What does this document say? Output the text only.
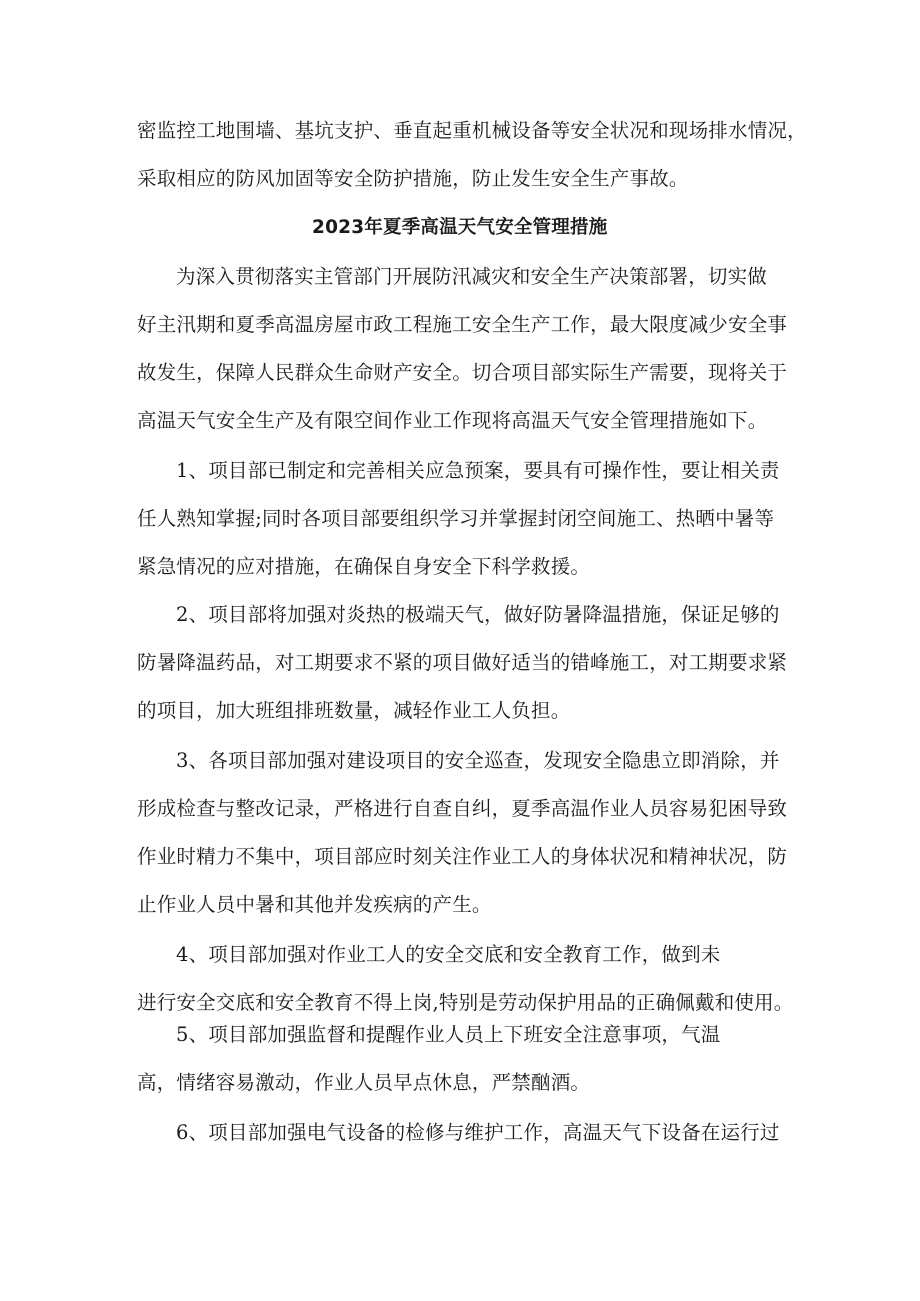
密监控工地围墙、基坑支护、垂直起重机械设备等安全状况和现场排水情况，
采取相应的防风加固等安全防护措施，防止发生安全生产事故。
2023年夏季高温天气安全管理措施
为深入贯彻落实主管部门开展防汛减灾和安全生产决策部署，切实做
好主汛期和夏季高温房屋市政工程施工安全生产工作，最大限度减少安全事
故发生，保障人民群众生命财产安全。切合项目部实际生产需要，现将关于
高温天气安全生产及有限空间作业工作现将高温天气安全管理措施如下。
1、项目部已制定和完善相关应急预案，要具有可操作性，要让相关责
任人熟知掌握;同时各项目部要组织学习并掌握封闭空间施工、热晒中暑等
紧急情况的应对措施，在确保自身安全下科学救援。
2、项目部将加强对炎热的极端天气，做好防暑降温措施，保证足够的
防暑降温药品，对工期要求不紧的项目做好适当的错峰施工，对工期要求紧
的项目，加大班组排班数量，减轻作业工人负担。
3、各项目部加强对建设项目的安全巡查，发现安全隐患立即消除，并
形成检查与整改记录，严格进行自查自纠，夏季高温作业人员容易犯困导致
作业时精力不集中，项目部应时刻关注作业工人的身体状况和精神状况，防
止作业人员中暑和其他并发疾病的产生。
4、项目部加强对作业工人的安全交底和安全教育工作，做到未
进行安全交底和安全教育不得上岗,特别是劳动保护用品的正确佩戴和使用。
5、项目部加强监督和提醒作业人员上下班安全注意事项，气温
高，情绪容易激动，作业人员早点休息，严禁酗酒。
6、项目部加强电气设备的检修与维护工作，高温天气下设备在运行过
